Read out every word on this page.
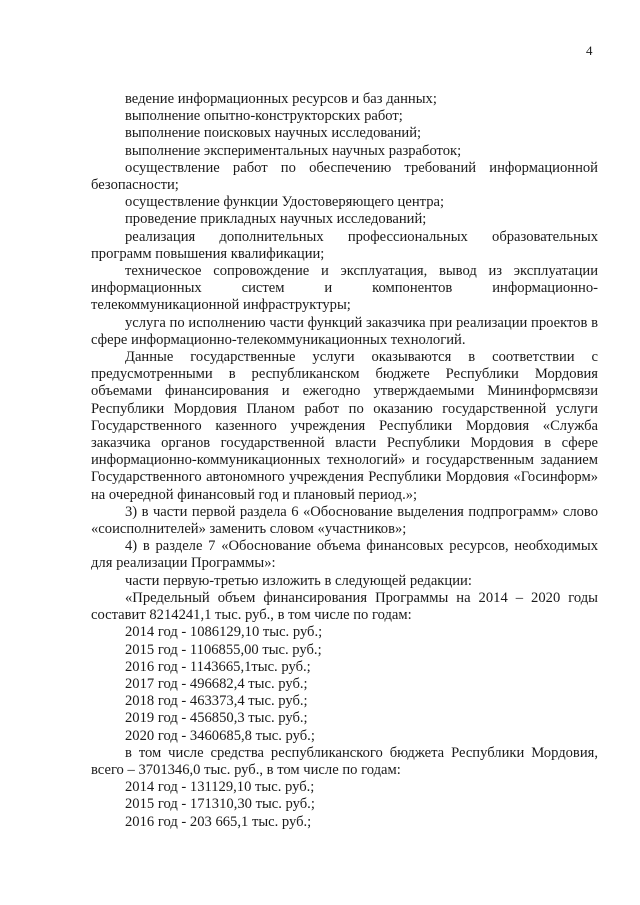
4

ведение информационных ресурсов и баз данных;

выполнение опытно-конструкторских работ;

выполнение поисковых научных исследований;

выполнение экспериментальных научных разработок;

осуществление работ по обеспечению требований информационной безопасности;

осуществление функции Удостоверяющего центра;

проведение прикладных научных исследований;

реализация дополнительных профессиональных образовательных программ повышения квалификации;

техническое сопровождение и эксплуатация, вывод из эксплуатации информационных систем и компонентов информационно-телекоммуникационной инфраструктуры;

услуга по исполнению части функций заказчика при реализации проектов в сфере информационно-телекоммуникационных технологий.

Данные государственные услуги оказываются в соответствии с предусмотренными в республиканском бюджете Республики Мордовия объемами финансирования и ежегодно утверждаемыми Мининформсвязи Республики Мордовия Планом работ по оказанию государственной услуги Государственного казенного учреждения Республики Мордовия «Служба заказчика органов государственной власти Республики Мордовия в сфере информационно-коммуникационных технологий» и государственным заданием Государственного автономного учреждения Республики Мордовия «Госинформ» на очередной финансовый год и плановый период.»;

3) в части первой раздела 6 «Обоснование выделения подпрограмм» слово «соисполнителей» заменить словом «участников»;

4) в разделе 7 «Обоснование объема финансовых ресурсов, необходимых для реализации Программы»:

части первую-третью изложить в следующей редакции:

«Предельный объем финансирования Программы на 2014 – 2020 годы составит 8214241,1 тыс. руб., в том числе по годам:

2014 год - 1086129,10 тыс. руб.;

2015 год - 1106855,00 тыс. руб.;

2016 год - 1143665,1тыс. руб.;

2017 год - 496682,4 тыс. руб.;

2018 год - 463373,4 тыс. руб.;

2019 год - 456850,3 тыс. руб.;

2020 год - 3460685,8 тыс. руб.;

в том числе средства республиканского бюджета Республики Мордовия, всего – 3701346,0 тыс. руб., в том числе по годам:

2014 год - 131129,10 тыс. руб.;

2015 год - 171310,30 тыс. руб.;

2016 год - 203 665,1 тыс. руб.;
